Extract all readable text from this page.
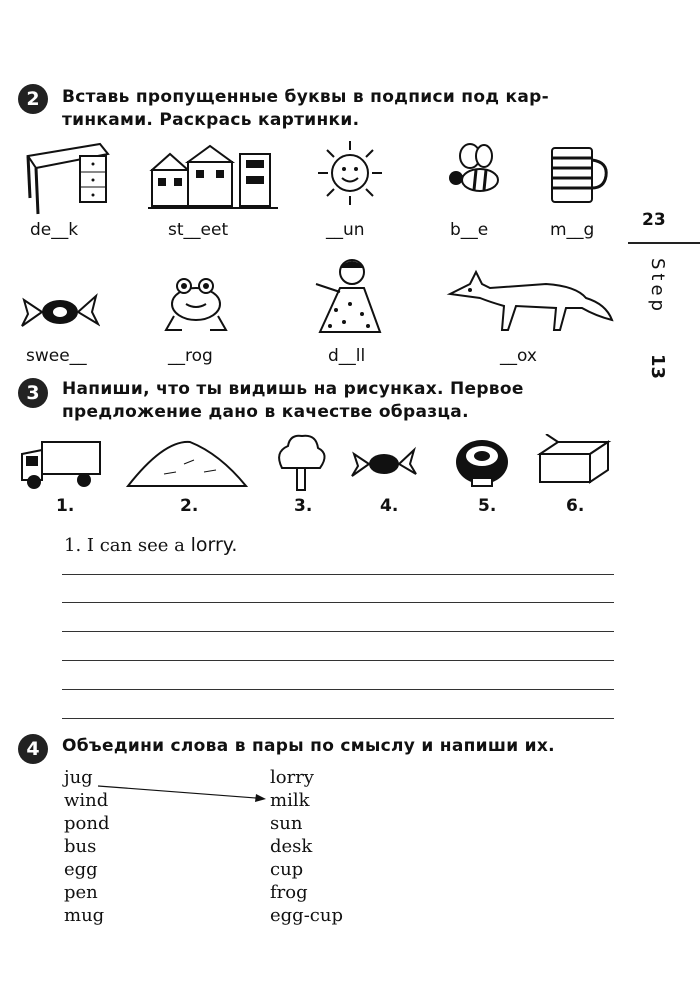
23
Step
13
2	Вставь пропущенные буквы в подписи под кар-
тинками. Раскрась картинки.
de__k	st__eet	__un	b__e	m__g
swee__	__rog	d__ll	__ox
3	Напиши, что ты видишь на рисунках. Первое
предложение дано в качестве образца.
1.	2.	3.	4.	5.	6.
1. I can see a lorry.
4	Объедини слова в пары по смыслу и напиши их.
jug
wind
pond
bus
egg
pen
mug
lorry
milk
sun
desk
cup
frog
egg-cup
